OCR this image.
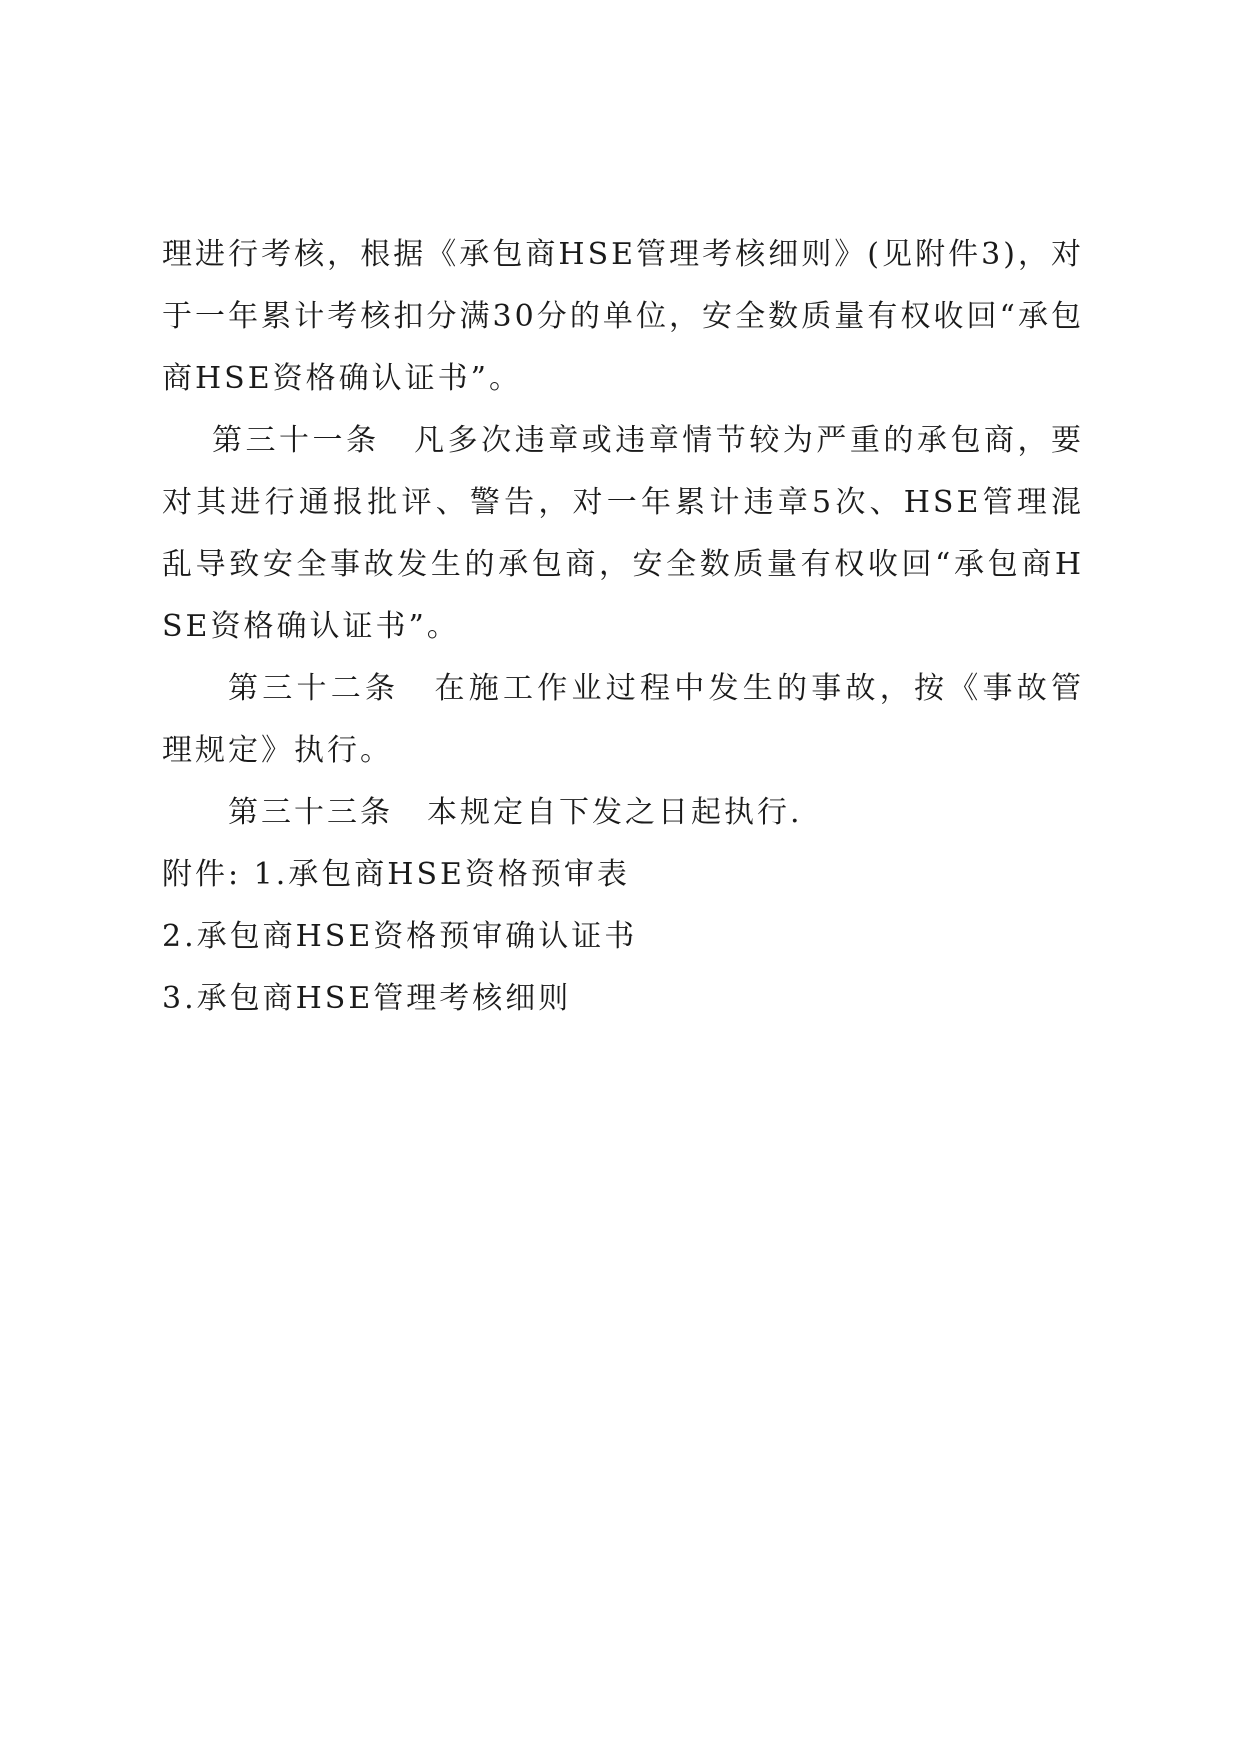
理进行考核，根据《承包商HSE管理考核细则》(见附件3)，对于一年累计考核扣分满30分的单位，安全数质量有权收回“承包商HSE资格确认证书”。

第三十一条 凡多次违章或违章情节较为严重的承包商，要对其进行通报批评、警告，对一年累计违章5次、HSE管理混乱导致安全事故发生的承包商，安全数质量有权收回“承包商HSE资格确认证书”。

第三十二条 在施工作业过程中发生的事故，按《事故管理规定》执行。

第三十三条 本规定自下发之日起执行.

附件: 1.承包商HSE资格预审表

2.承包商HSE资格预审确认证书

3.承包商HSE管理考核细则
